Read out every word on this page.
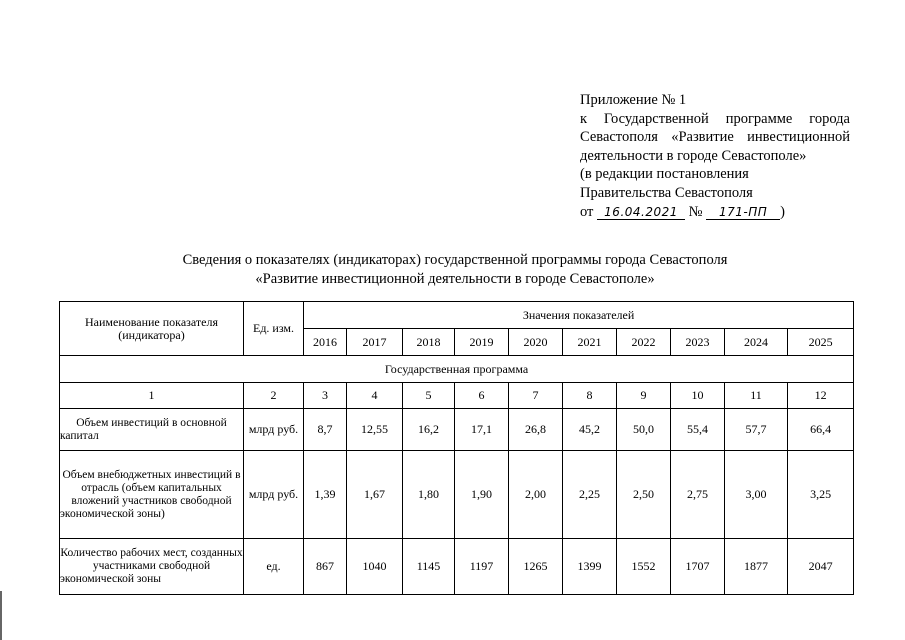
Приложение № 1
к Государственной программе города
Севастополя «Развитие инвестиционной
деятельности в городе Севастополе»
(в редакции постановления
Правительства Севастополя
от 16.04.2021 № 171-ПП )
Сведения о показателях (индикаторах) государственной программы города Севастополя
«Развитие инвестиционной деятельности в городе Севастополе»
Наименование показателя (индикатора)	Ед. изм.	Значения показателей									
		2016	2017	2018	2019	2020	2021	2022	2023	2024	2025
Государственная программа											
1	2	3	4	5	6	7	8	9	10	11	12
Объем инвестиций в основной капитал	млрд руб.	8,7	12,55	16,2	17,1	26,8	45,2	50,0	55,4	57,7	66,4
Объем внебюджетных инвестиций в отрасль (объем капитальных вложений участников свободной экономической зоны)	млрд руб.	1,39	1,67	1,80	1,90	2,00	2,25	2,50	2,75	3,00	3,25
Количество рабочих мест, созданных участниками свободной экономической зоны	ед.	867	1040	1145	1197	1265	1399	1552	1707	1877	2047
